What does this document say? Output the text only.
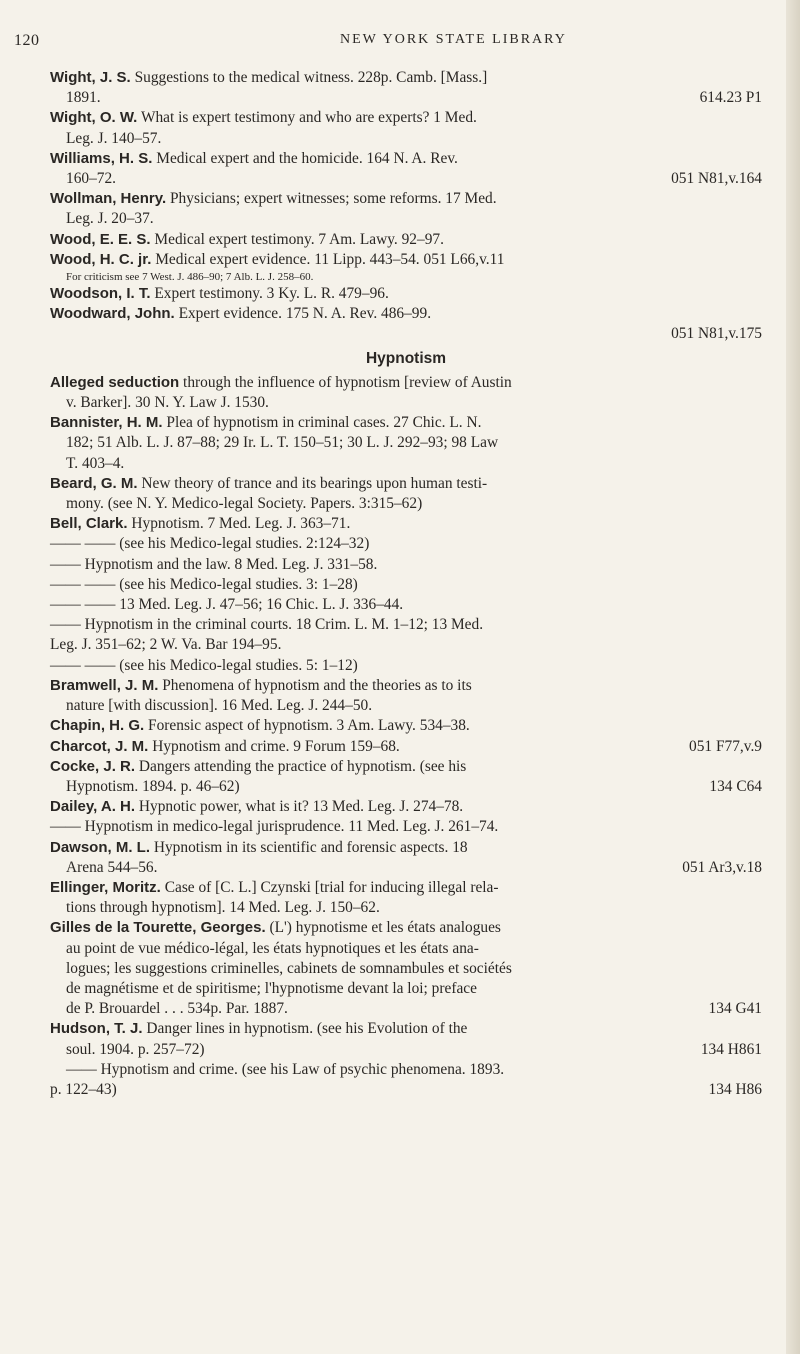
120	NEW YORK STATE LIBRARY
Wight, J. S. Suggestions to the medical witness. 228p. Camb. [Mass.]
1891.	614.23 P1
Wight, O. W. What is expert testimony and who are experts? 1 Med.
Leg. J. 140–57.
Williams, H. S. Medical expert and the homicide. 164 N. A. Rev.
160–72.	051 N81,v.164
Wollman, Henry. Physicians; expert witnesses; some reforms. 17 Med.
Leg. J. 20–37.
Wood, E. E. S. Medical expert testimony. 7 Am. Lawy. 92–97.
Wood, H. C. jr. Medical expert evidence. 11 Lipp. 443–54. 051 L66,v.11
For criticism see 7 West. J. 486–90; 7 Alb. L. J. 258–60.
Woodson, I. T. Expert testimony. 3 Ky. L. R. 479–96.
Woodward, John. Expert evidence. 175 N. A. Rev. 486–99.
051 N81,v.175

Hypnotism
Alleged seduction through the influence of hypnotism [review of Austin
v. Barker]. 30 N. Y. Law J. 1530.
Bannister, H. M. Plea of hypnotism in criminal cases. 27 Chic. L. N.
182; 51 Alb. L. J. 87–88; 29 Ir. L. T. 150–51; 30 L. J. 292–93; 98 Law
T. 403–4.
Beard, G. M. New theory of trance and its bearings upon human testi-
mony. (see N. Y. Medico-legal Society. Papers. 3:315–62)
Bell, Clark. Hypnotism. 7 Med. Leg. J. 363–71.
—— —— (see his Medico-legal studies. 2:124–32)
—— Hypnotism and the law. 8 Med. Leg. J. 331–58.
—— —— (see his Medico-legal studies. 3: 1–28)
—— —— 13 Med. Leg. J. 47–56; 16 Chic. L. J. 336–44.
—— Hypnotism in the criminal courts. 18 Crim. L. M. 1–12; 13 Med.
Leg. J. 351–62; 2 W. Va. Bar 194–95.
—— —— (see his Medico-legal studies. 5: 1–12)
Bramwell, J. M. Phenomena of hypnotism and the theories as to its
nature [with discussion]. 16 Med. Leg. J. 244–50.
Chapin, H. G. Forensic aspect of hypnotism. 3 Am. Lawy. 534–38.
Charcot, J. M. Hypnotism and crime. 9 Forum 159–68.	051 F77,v.9
Cocke, J. R. Dangers attending the practice of hypnotism. (see his
Hypnotism. 1894. p. 46–62)	134 C64
Dailey, A. H. Hypnotic power, what is it? 13 Med. Leg. J. 274–78.
—— Hypnotism in medico-legal jurisprudence. 11 Med. Leg. J. 261–74.
Dawson, M. L. Hypnotism in its scientific and forensic aspects. 18
Arena 544–56.	051 Ar3,v.18
Ellinger, Moritz. Case of [C. L.] Czynski [trial for inducing illegal rela-
tions through hypnotism]. 14 Med. Leg. J. 150–62.
Gilles de la Tourette, Georges. (L') hypnotisme et les états analogues
au point de vue médico-légal, les états hypnotiques et les états ana-
logues; les suggestions criminelles, cabinets de somnambules et sociétés
de magnétisme et de spiritisme; l'hypnotisme devant la loi; preface
de P. Brouardel . . . 534p. Par. 1887.	134 G41
Hudson, T. J. Danger lines in hypnotism. (see his Evolution of the
soul. 1904. p. 257–72)	134 H861
—— Hypnotism and crime. (see his Law of psychic phenomena. 1893.
p. 122–43)	134 H86
